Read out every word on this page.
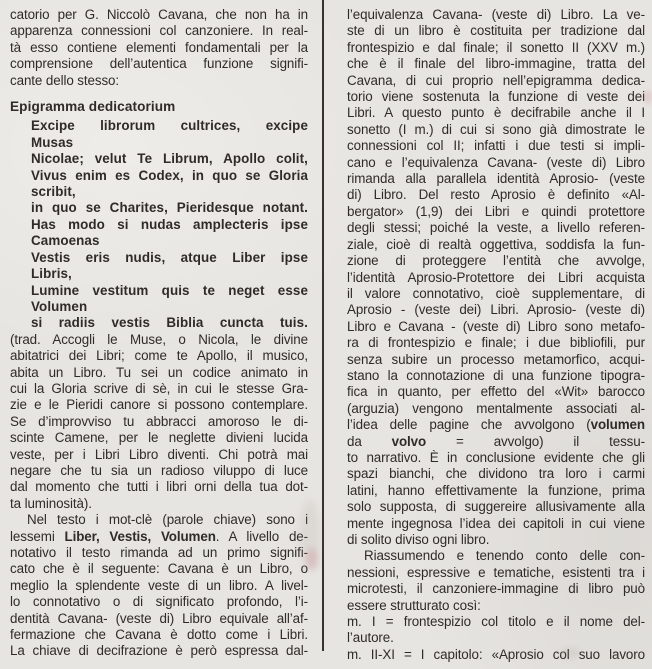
catorio per G. Niccolò Cavana, che non ha in
apparenza connessioni col canzoniere. In real-
tà esso contiene elementi fondamentali per la
comprensione dell’autentica funzione signifi-
cante dello stesso:
Epigramma dedicatorium
Excipe librorum cultrices, excipe
Musas
Nicolae; velut Te Librum, Apollo colit,
Vivus enim es Codex, in quo se Gloria
scribit,
in quo se Charites, Pieridesque notant.
Has modo si nudas amplecteris ipse
Camoenas
Vestis eris nudis, atque Liber ipse
Libris,
Lumine vestitum quis te neget esse
Volumen
si radiis vestis Biblia cuncta tuis.
(trad. Accogli le Muse, o Nicola, le divine
abitatrici dei Libri; come te Apollo, il musico,
abita un Libro. Tu sei un codice animato in
cui la Gloria scrive di sè, in cui le stesse Gra-
zie e le Pieridi canore si possono contemplare.
Se d’improvviso tu abbracci amoroso le di-
scinte Camene, per le neglette divieni lucida
veste, per i Libri Libro diventi. Chi potrà mai
negare che tu sia un radioso viluppo di luce
dal momento che tutti i libri orni della tua dot-
ta luminosità).
Nel testo i mot-clè (parole chiave) sono i
lessemi Liber, Vestis, Volumen. A livello de-
notativo il testo rimanda ad un primo signifi-
cato che è il seguente: Cavana è un Libro, o
meglio la splendente veste di un libro. A livel-
lo connotativo o di significato profondo, l’i-
dentità Cavana- (veste di) Libro equivale all’af-
fermazione che Cavana è dotto come i Libri.
La chiave di decifrazione è però espressa dal-
l’equivalenza Cavana- (veste di) Libro. La ve-
ste di un libro è costituita per tradizione dal
frontespizio e dal finale; il sonetto II (XXV m.)
che è il finale del libro-immagine, tratta del
Cavana, di cui proprio nell’epigramma dedica-
torio viene sostenuta la funzione di veste dei
Libri. A questo punto è decifrabile anche il I
sonetto (I m.) di cui si sono già dimostrate le
connessioni col II; infatti i due testi si impli-
cano e l’equivalenza Cavana- (veste di) Libro
rimanda alla parallela identità Aprosio- (veste
di) Libro. Del resto Aprosio è definito «Al-
bergator» (1,9) dei Libri e quindi protettore
degli stessi; poiché la veste, a livello referen-
ziale, cioè di realtà oggettiva, soddisfa la fun-
zione di proteggere l’entità che avvolge,
l’identità Aprosio-Protettore dei Libri acquista
il valore connotativo, cioè supplementare, di
Aprosio - (veste dei) Libri. Aprosio- (veste di)
Libro e Cavana - (veste di) Libro sono metafo-
ra di frontespizio e finale; i due bibliofili, pur
senza subire un processo metamorfico, acqui-
stano la connotazione di una funzione tipogra-
fica in quanto, per effetto del «Wit» barocco
(arguzia) vengono mentalmente associati al-
l’idea delle pagine che avvolgono (volumen
da volvo = avvolgo) il tessu-
to narrativo. È in conclusione evidente che gli
spazi bianchi, che dividono tra loro i carmi
latini, hanno effettivamente la funzione, prima
solo supposta, di suggereire allusivamente alla
mente ingegnosa l’idea dei capitoli in cui viene
di solito diviso ogni libro.
Riassumendo e tenendo conto delle con-
nessioni, espressive e tematiche, esistenti tra i
microtesti, il canzoniere-immagine di libro può
essere strutturato così:
m. I = frontespizio col titolo e il nome del-
l’autore.
m. II-XI = I capitolo: «Aprosio col suo lavoro
